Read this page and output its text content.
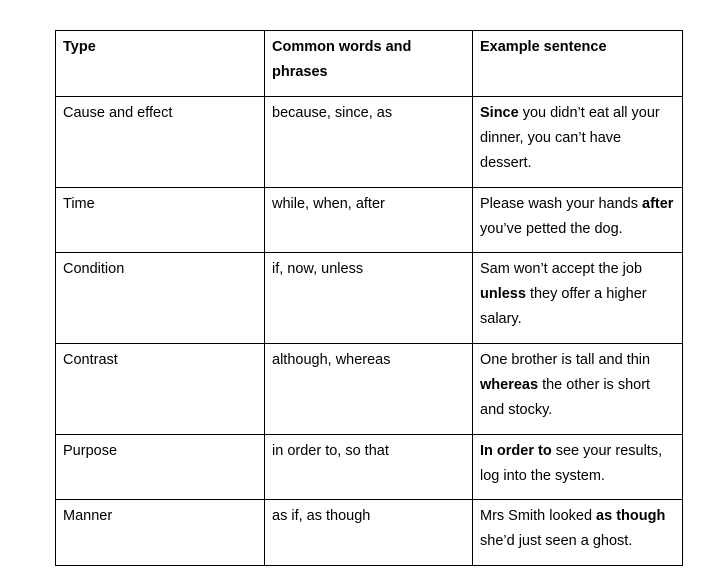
Type	Common words and phrases	Example sentence
Cause and effect	because, since, as	Since you didn’t eat all your dinner, you can’t have dessert.
Time	while, when, after	Please wash your hands after you’ve petted the dog.
Condition	if, now, unless	Sam won’t accept the job unless they offer a higher salary.
Contrast	although, whereas	One brother is tall and thin whereas the other is short and stocky.
Purpose	in order to, so that	In order to see your results, log into the system.
Manner	as if, as though	Mrs Smith looked as though she’d just seen a ghost.
